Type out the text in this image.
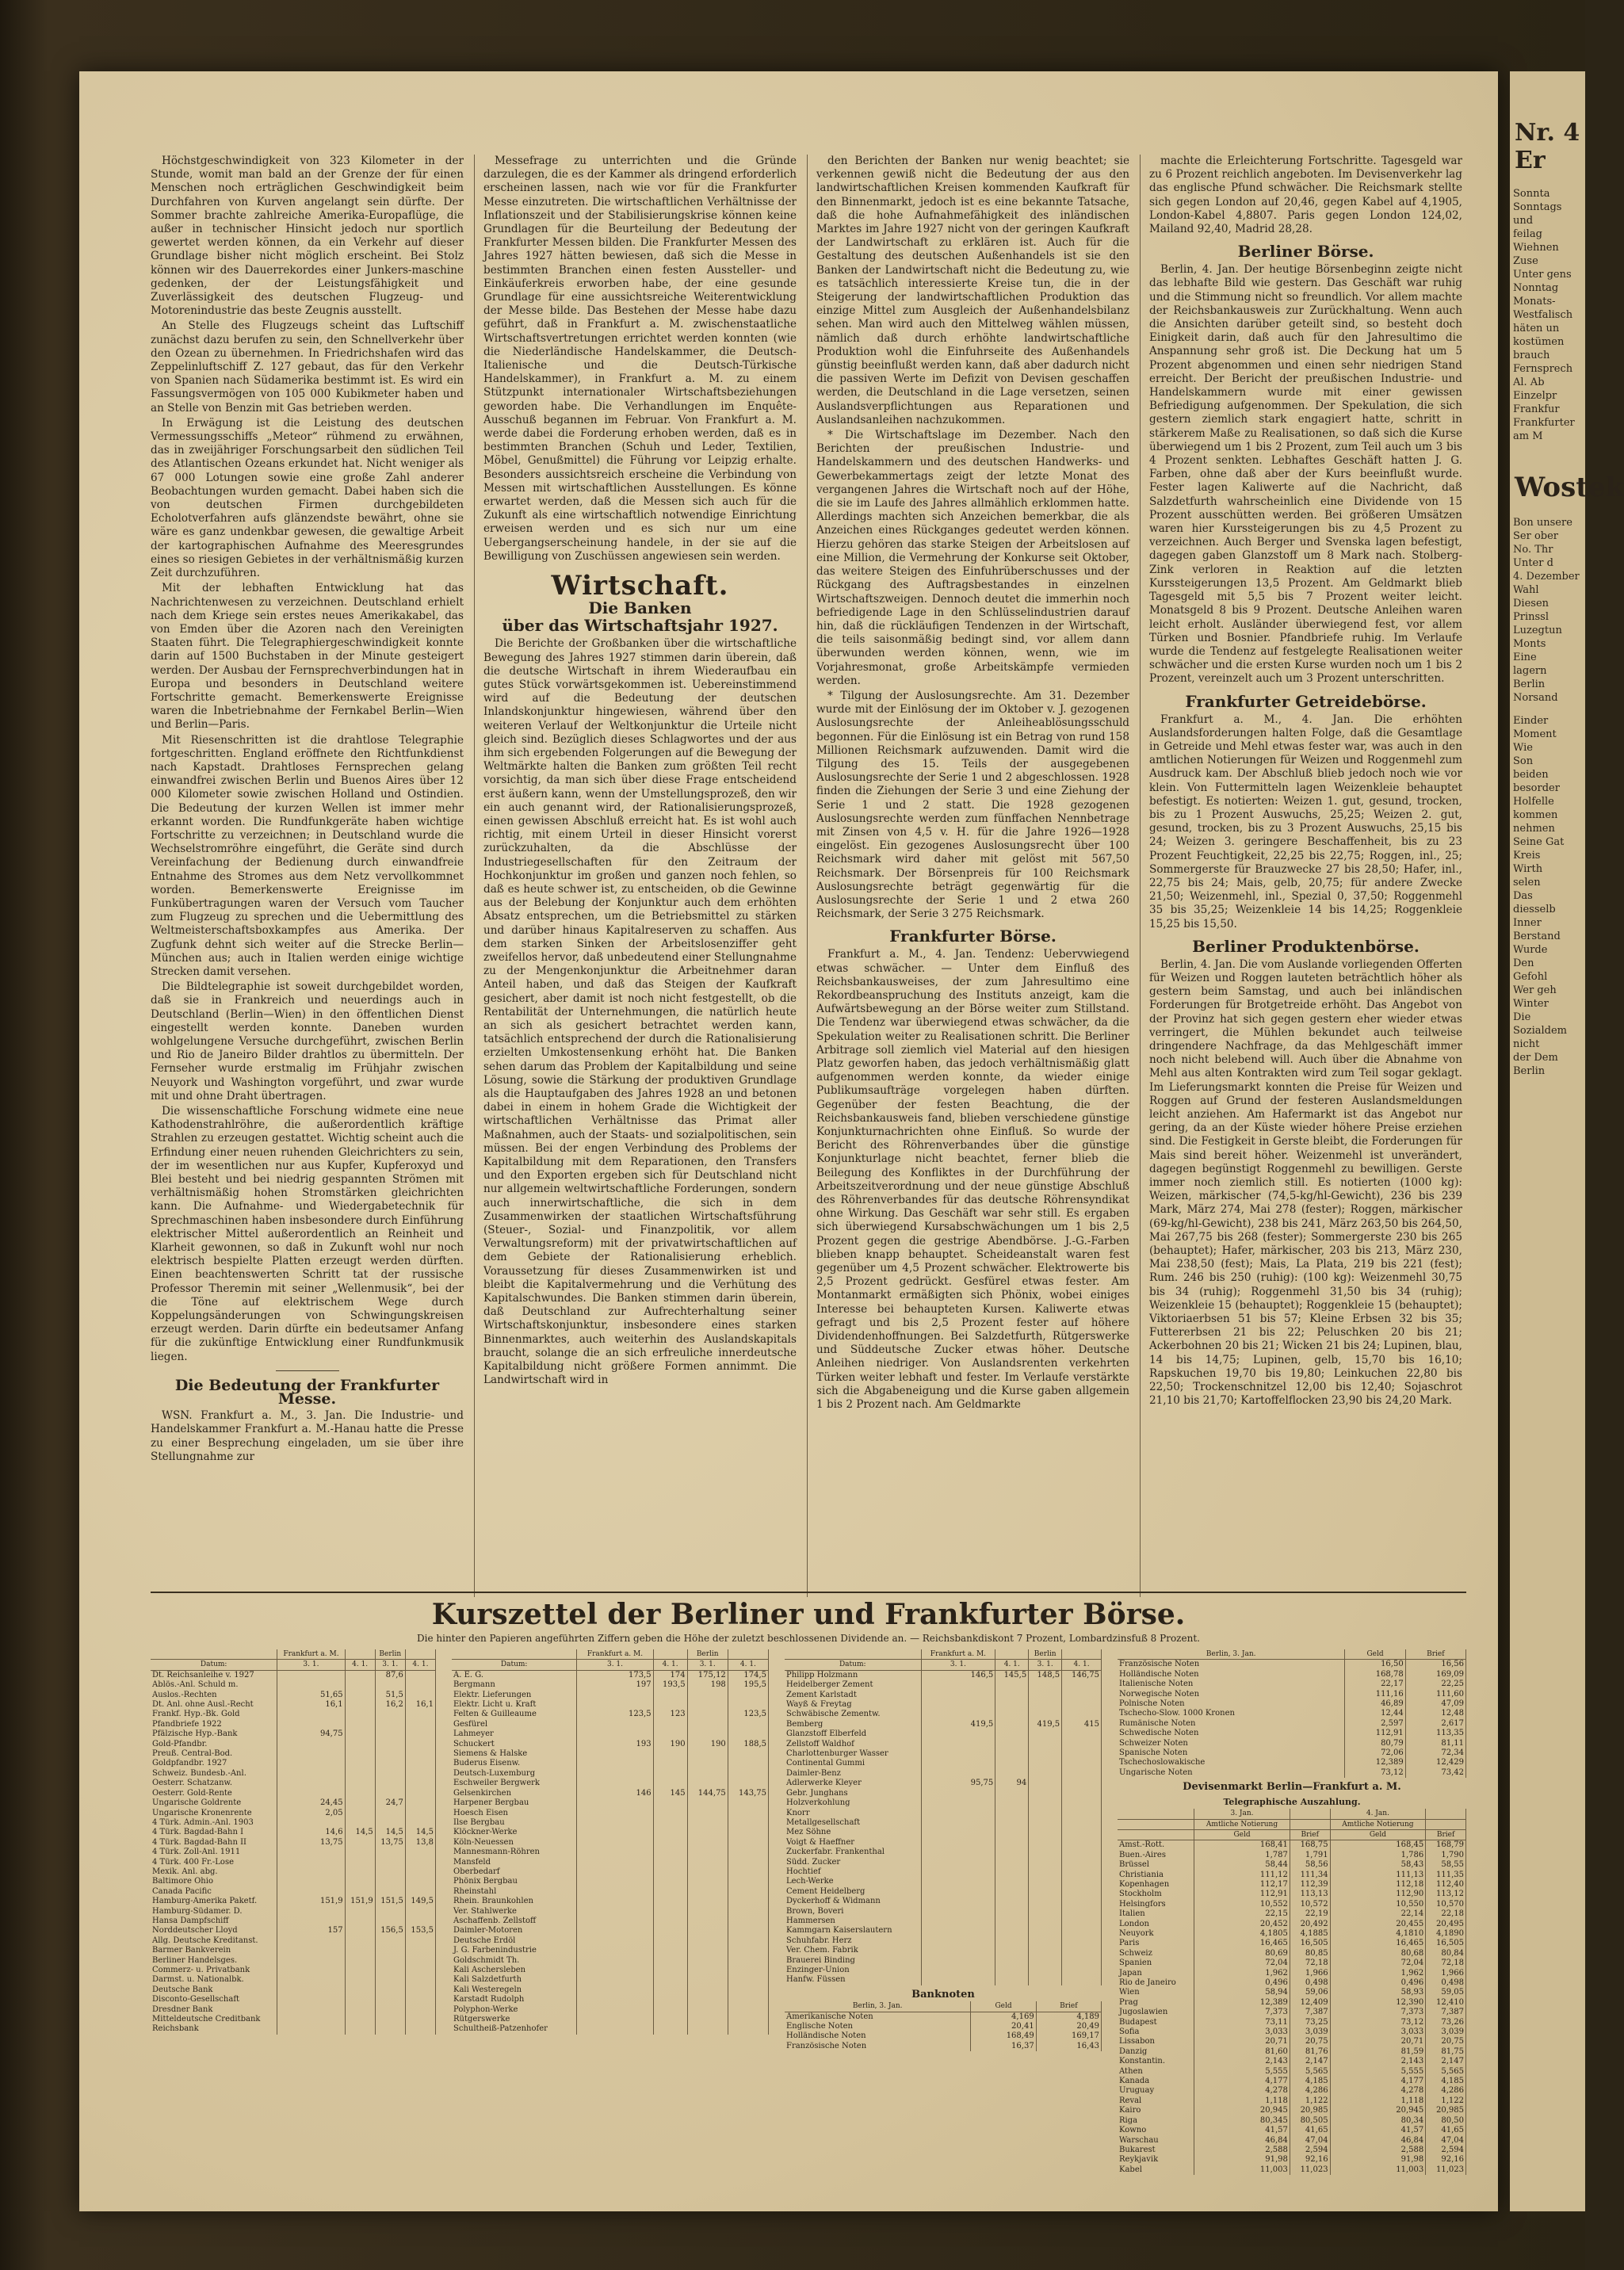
Höchstgeschwindigkeit von 323 Kilometer in der Stunde, womit man bald an der Grenze der für einen Menschen noch erträglichen Geschwindigkeit beim Durchfahren von Kurven angelangt sein dürfte. Der Sommer brachte zahlreiche Amerika-Europaflüge, die außer in technischer Hinsicht jedoch nur sportlich gewertet werden können, da ein Verkehr auf dieser Grundlage bisher nicht möglich erscheint. Bei Stolz können wir des Dauerrekordes einer Junkers-maschine gedenken, der der Leistungsfähigkeit und Zuverlässigkeit des deutschen Flugzeug- und Motorenindustrie das beste Zeugnis ausstellt.

An Stelle des Flugzeugs scheint das Luftschiff zunächst dazu berufen zu sein, den Schnellverkehr über den Ozean zu übernehmen. In Friedrichshafen wird das Zeppelinluftschiff Z. 127 gebaut, das für den Verkehr von Spanien nach Südamerika bestimmt ist. Es wird ein Fassungsvermögen von 105 000 Kubikmeter haben und an Stelle von Benzin mit Gas betrieben werden.

In Erwägung ist die Leistung des deutschen Vermessungsschiffs „Meteor“ rühmend zu erwähnen, das in zweijähriger Forschungsarbeit den südlichen Teil des Atlantischen Ozeans erkundet hat. Nicht weniger als 67 000 Lotungen sowie eine große Zahl anderer Beobachtungen wurden gemacht. Dabei haben sich die von deutschen Firmen durchgebildeten Echolotverfahren aufs glänzendste bewährt, ohne sie wäre es ganz undenkbar gewesen, die gewaltige Arbeit der kartographischen Aufnahme des Meeresgrundes eines so riesigen Gebietes in der verhältnismäßig kurzen Zeit durchzuführen.

Mit der lebhaften Entwicklung hat das Nachrichtenwesen zu verzeichnen. Deutschland erhielt nach dem Kriege sein erstes neues Amerikakabel, das von Emden über die Azoren nach den Vereinigten Staaten führt. Die Telegraphiergeschwindigkeit konnte darin auf 1500 Buchstaben in der Minute gesteigert werden. Der Ausbau der Fernsprechverbindungen hat in Europa und besonders in Deutschland weitere Fortschritte gemacht. Bemerkenswerte Ereignisse waren die Inbetriebnahme der Fernkabel Berlin—Wien und Berlin—Paris.

Mit Riesenschritten ist die drahtlose Telegraphie fortgeschritten. England eröffnete den Richtfunkdienst nach Kapstadt. Drahtloses Fernsprechen gelang einwandfrei zwischen Berlin und Buenos Aires über 12 000 Kilometer sowie zwischen Holland und Ostindien. Die Bedeutung der kurzen Wellen ist immer mehr erkannt worden. Die Rundfunkgeräte haben wichtige Fortschritte zu verzeichnen; in Deutschland wurde die Wechselstromröhre eingeführt, die Geräte sind durch Vereinfachung der Bedienung durch einwandfreie Entnahme des Stromes aus dem Netz vervollkommnet worden. Bemerkenswerte Ereignisse im Funkübertragungen waren der Versuch vom Taucher zum Flugzeug zu sprechen und die Uebermittlung des Weltmeisterschaftsboxkampfes aus Amerika. Der Zugfunk dehnt sich weiter auf die Strecke Berlin—München aus; auch in Italien werden einige wichtige Strecken damit versehen.

Die Bildtelegraphie ist soweit durchgebildet worden, daß sie in Frankreich und neuerdings auch in Deutschland (Berlin—Wien) in den öffentlichen Dienst eingestellt werden konnte. Daneben wurden wohlgelungene Versuche durchgeführt, zwischen Berlin und Rio de Janeiro Bilder drahtlos zu übermitteln. Der Fernseher wurde erstmalig im Frühjahr zwischen Neuyork und Washington vorgeführt, und zwar wurde mit und ohne Draht übertragen.

Die wissenschaftliche Forschung widmete eine neue Kathodenstrahlröhre, die außerordentlich kräftige Strahlen zu erzeugen gestattet. Wichtig scheint auch die Erfindung einer neuen ruhenden Gleichrichters zu sein, der im wesentlichen nur aus Kupfer, Kupferoxyd und Blei besteht und bei niedrig gespannten Strömen mit verhältnismäßig hohen Stromstärken gleichrichten kann. Die Aufnahme- und Wiedergabetechnik für Sprechmaschinen haben insbesondere durch Einführung elektrischer Mittel außerordentlich an Reinheit und Klarheit gewonnen, so daß in Zukunft wohl nur noch elektrisch bespielte Platten erzeugt werden dürften. Einen beachtenswerten Schritt tat der russische Professor Theremin mit seiner „Wellenmusik“, bei der die Töne auf elektrischem Wege durch Koppelungsänderungen von Schwingungskreisen erzeugt werden. Darin dürfte ein bedeutsamer Anfang für die zukünftige Entwicklung einer Rundfunkmusik liegen.

Die Bedeutung der Frankfurter Messe.

WSN. Frankfurt a. M., 3. Jan. Die Industrie- und Handelskammer Frankfurt a. M.-Hanau hatte die Presse zu einer Besprechung eingeladen, um sie über ihre Stellungnahme zur

Messefrage zu unterrichten und die Gründe darzulegen, die es der Kammer als dringend erforderlich erscheinen lassen, nach wie vor für die Frankfurter Messe einzutreten. Die wirtschaftlichen Verhältnisse der Inflationszeit und der Stabilisierungskrise können keine Grundlagen für die Beurteilung der Bedeutung der Frankfurter Messen bilden. Die Frankfurter Messen des Jahres 1927 hätten bewiesen, daß sich die Messe in bestimmten Branchen einen festen Aussteller- und Einkäuferkreis erworben habe, der eine gesunde Grundlage für eine aussichtsreiche Weiterentwicklung der Messe bilde. Das Bestehen der Messe habe dazu geführt, daß in Frankfurt a. M. zwischenstaatliche Wirtschaftsvertretungen errichtet werden konnten (wie die Niederländische Handelskammer, die Deutsch-Italienische und die Deutsch-Türkische Handelskammer), in Frankfurt a. M. zu einem Stützpunkt internationaler Wirtschaftsbeziehungen geworden habe. Die Verhandlungen im Enquête-Ausschuß begannen im Februar. Von Frankfurt a. M. werde dabei die Forderung erhoben werden, daß es in bestimmten Branchen (Schuh und Leder, Textilien, Möbel, Genußmittel) die Führung vor Leipzig erhalte. Besonders aussichtsreich erscheine die Verbindung von Messen mit wirtschaftlichen Ausstellungen. Es könne erwartet werden, daß die Messen sich auch für die Zukunft als eine wirtschaftlich notwendige Einrichtung erweisen werden und es sich nur um eine Uebergangserscheinung handele, in der sie auf die Bewilligung von Zuschüssen angewiesen sein werden.

Wirtschaft.
Die Banken
über das Wirtschaftsjahr 1927.

Die Berichte der Großbanken über die wirtschaftliche Bewegung des Jahres 1927 stimmen darin überein, daß die deutsche Wirtschaft in ihrem Wiederaufbau ein gutes Stück vorwärtsgekommen ist. Uebereinstimmend wird auf die Bedeutung der deutschen Inlandskonjunktur hingewiesen, während über den weiteren Verlauf der Weltkonjunktur die Urteile nicht gleich sind. Bezüglich dieses Schlagwortes und der aus ihm sich ergebenden Folgerungen auf die Bewegung der Weltmärkte halten die Banken zum größten Teil recht vorsichtig, da man sich über diese Frage entscheidend erst äußern kann, wenn der Umstellungsprozeß, den wir ein auch genannt wird, der Rationalisierungsprozeß, einen gewissen Abschluß erreicht hat. Es ist wohl auch richtig, mit einem Urteil in dieser Hinsicht vorerst zurückzuhalten, da die Abschlüsse der Industriegesellschaften für den Zeitraum der Hochkonjunktur im großen und ganzen noch fehlen, so daß es heute schwer ist, zu entscheiden, ob die Gewinne aus der Belebung der Konjunktur auch dem erhöhten Absatz entsprechen, um die Betriebsmittel zu stärken und darüber hinaus Kapitalreserven zu schaffen. Aus dem starken Sinken der Arbeitslosenziffer geht zweifellos hervor, daß unbedeutend einer Stellungnahme zu der Mengenkonjunktur die Arbeitnehmer daran Anteil haben, und daß das Steigen der Kaufkraft gesichert, aber damit ist noch nicht festgestellt, ob die Rentabilität der Unternehmungen, die natürlich heute an sich als gesichert betrachtet werden kann, tatsächlich entsprechend der durch die Rationalisierung erzielten Umkostensenkung erhöht hat. Die Banken sehen darum das Problem der Kapitalbildung und seine Lösung, sowie die Stärkung der produktiven Grundlage als die Hauptaufgaben des Jahres 1928 an und betonen dabei in einem in hohem Grade die Wichtigkeit der wirtschaftlichen Verhältnisse das Primat aller Maßnahmen, auch der Staats- und sozialpolitischen, sein müssen. Bei der engen Verbindung des Problems der Kapitalbildung mit dem Reparationen, den Transfers und den Exporten ergeben sich für Deutschland nicht nur allgemein weltwirtschaftliche Forderungen, sondern auch innerwirtschaftliche, die sich in dem Zusammenwirken der staatlichen Wirtschaftsführung (Steuer-, Sozial- und Finanzpolitik, vor allem Verwaltungsreform) mit der privatwirtschaftlichen auf dem Gebiete der Rationalisierung erheblich. Voraussetzung für dieses Zusammenwirken ist und bleibt die Kapitalvermehrung und die Verhütung des Kapitalschwundes. Die Banken stimmen darin überein, daß Deutschland zur Aufrechterhaltung seiner Wirtschaftskonjunktur, insbesondere eines starken Binnenmarktes, auch weiterhin des Auslandskapitals braucht, solange die an sich erfreuliche innerdeutsche Kapitalbildung nicht größere Formen annimmt. Die Landwirtschaft wird in

den Berichten der Banken nur wenig beachtet; sie verkennen gewiß nicht die Bedeutung der aus den landwirtschaftlichen Kreisen kommenden Kaufkraft für den Binnenmarkt, jedoch ist es eine bekannte Tatsache, daß die hohe Aufnahmefähigkeit des inländischen Marktes im Jahre 1927 nicht von der geringen Kaufkraft der Landwirtschaft zu erklären ist. Auch für die Gestaltung des deutschen Außenhandels ist sie den Banken der Landwirtschaft nicht die Bedeutung zu, wie es tatsächlich interessierte Kreise tun, die in der Steigerung der landwirtschaftlichen Produktion das einzige Mittel zum Ausgleich der Außenhandelsbilanz sehen. Man wird auch den Mittelweg wählen müssen, nämlich daß durch erhöhte landwirtschaftliche Produktion wohl die Einfuhrseite des Außenhandels günstig beeinflußt werden kann, daß aber dadurch nicht die passiven Werte im Defizit von Devisen geschaffen werden, die Deutschland in die Lage versetzen, seinen Auslandsverpflichtungen aus Reparationen und Auslandsanleihen nachzukommen.

* Die Wirtschaftslage im Dezember. Nach den Berichten der preußischen Industrie- und Handelskammern und des deutschen Handwerks- und Gewerbekammertags zeigt der letzte Monat des vergangenen Jahres die Wirtschaft noch auf der Höhe, die sie im Laufe des Jahres allmählich erklommen hatte. Allerdings machten sich Anzeichen bemerkbar, die als Anzeichen eines Rückganges gedeutet werden können. Hierzu gehören das starke Steigen der Arbeitslosen auf eine Million, die Vermehrung der Konkurse seit Oktober, das weitere Steigen des Einfuhrüberschusses und der Rückgang des Auftragsbestandes in einzelnen Wirtschaftszweigen. Dennoch deutet die immerhin noch befriedigende Lage in den Schlüsselindustrien darauf hin, daß die rückläufigen Tendenzen in der Wirtschaft, die teils saisonmäßig bedingt sind, vor allem dann überwunden werden können, wenn, wie im Vorjahresmonat, große Arbeitskämpfe vermieden werden.

* Tilgung der Auslosungsrechte. Am 31. Dezember wurde mit der Einlösung der im Oktober v. J. gezogenen Auslosungsrechte der Anleiheablösungsschuld begonnen. Für die Einlösung ist ein Betrag von rund 158 Millionen Reichsmark aufzuwenden. Damit wird die Tilgung des 15. Teils der ausgegebenen Auslosungsrechte der Serie 1 und 2 abgeschlossen. 1928 finden die Ziehungen der Serie 3 und eine Ziehung der Serie 1 und 2 statt. Die 1928 gezogenen Auslosungsrechte werden zum fünffachen Nennbetrage mit Zinsen von 4,5 v. H. für die Jahre 1926—1928 eingelöst. Ein gezogenes Auslosungsrecht über 100 Reichsmark wird daher mit gelöst mit 567,50 Reichsmark. Der Börsenpreis für 100 Reichsmark Auslosungsrechte beträgt gegenwärtig für die Auslosungsrechte der Serie 1 und 2 etwa 260 Reichsmark, der Serie 3 275 Reichsmark.

Frankfurter Börse.

Frankfurt a. M., 4. Jan. Tendenz: Uebervwiegend etwas schwächer. — Unter dem Einfluß des Reichsbankausweises, der zum Jahresultimo eine Rekordbeanspruchung des Instituts anzeigt, kam die Aufwärtsbewegung an der Börse weiter zum Stillstand. Die Tendenz war überwiegend etwas schwächer, da die Spekulation weiter zu Realisationen schritt. Die Berliner Arbitrage soll ziemlich viel Material auf den hiesigen Platz geworfen haben, das jedoch verhältnismäßig glatt aufgenommen werden konnte, da wieder einige Publikumsaufträge vorgelegen haben dürften. Gegenüber der festen Beachtung, die der Reichsbankausweis fand, blieben verschiedene günstige Konjunkturnachrichten ohne Einfluß. So wurde der Bericht des Röhrenverbandes über die günstige Konjunkturlage nicht beachtet, ferner blieb die Beilegung des Konfliktes in der Durchführung der Arbeitszeitverordnung und der neue günstige Abschluß des Röhrenverbandes für das deutsche Röhrensyndikat ohne Wirkung. Das Geschäft war sehr still. Es ergaben sich überwiegend Kursabschwächungen um 1 bis 2,5 Prozent gegen die gestrige Abendbörse. J.-G.-Farben blieben knapp behauptet. Scheideanstalt waren fest gegenüber um 4,5 Prozent schwächer. Elektrowerte bis 2,5 Prozent gedrückt. Gesfürel etwas fester. Am Montanmarkt ermäßigten sich Phönix, wobei einiges Interesse bei behaupteten Kursen. Kaliwerte etwas gefragt und bis 2,5 Prozent fester auf höhere Dividendenhoffnungen. Bei Salzdetfurth, Rütgerswerke und Süddeutsche Zucker etwas höher. Deutsche Anleihen niedriger. Von Auslandsrenten verkehrten Türken weiter lebhaft und fester. Im Verlaufe verstärkte sich die Abgabeneigung und die Kurse gaben allgemein 1 bis 2 Prozent nach. Am Geldmarkte

machte die Erleichterung Fortschritte. Tagesgeld war zu 6 Prozent reichlich angeboten. Im Devisenverkehr lag das englische Pfund schwächer. Die Reichsmark stellte sich gegen London auf 20,46, gegen Kabel auf 4,1905, London-Kabel 4,8807. Paris gegen London 124,02, Mailand 92,40, Madrid 28,28.

Berliner Börse.

Berlin, 4. Jan. Der heutige Börsenbeginn zeigte nicht das lebhafte Bild wie gestern. Das Geschäft war ruhig und die Stimmung nicht so freundlich. Vor allem machte der Reichsbankausweis zur Zurückhaltung. Wenn auch die Ansichten darüber geteilt sind, so besteht doch Einigkeit darin, daß auch für den Jahresultimo die Anspannung sehr groß ist. Die Deckung hat um 5 Prozent abgenommen und einen sehr niedrigen Stand erreicht. Der Bericht der preußischen Industrie- und Handelskammern wurde mit einer gewissen Befriedigung aufgenommen. Der Spekulation, die sich gestern ziemlich stark engagiert hatte, schritt in stärkerem Maße zu Realisationen, so daß sich die Kurse überwiegend um 1 bis 2 Prozent, zum Teil auch um 3 bis 4 Prozent senkten. Lebhaftes Geschäft hatten J. G. Farben, ohne daß aber der Kurs beeinflußt wurde. Fester lagen Kaliwerte auf die Nachricht, daß Salzdetfurth wahrscheinlich eine Dividende von 15 Prozent ausschütten werden. Bei größeren Umsätzen waren hier Kurssteigerungen bis zu 4,5 Prozent zu verzeichnen. Auch Berger und Svenska lagen befestigt, dagegen gaben Glanzstoff um 8 Mark nach. Stolberg-Zink verloren in Reaktion auf die letzten Kurssteigerungen 13,5 Prozent. Am Geldmarkt blieb Tagesgeld mit 5,5 bis 7 Prozent weiter leicht. Monatsgeld 8 bis 9 Prozent. Deutsche Anleihen waren leicht erholt. Ausländer überwiegend fest, vor allem Türken und Bosnier. Pfandbriefe ruhig. Im Verlaufe wurde die Tendenz auf festgelegte Realisationen weiter schwächer und die ersten Kurse wurden noch um 1 bis 2 Prozent, vereinzelt auch um 3 Prozent unterschritten.

Frankfurter Getreidebörse.

Frankfurt a. M., 4. Jan. Die erhöhten Auslandsforderungen halten Folge, daß die Gesamtlage in Getreide und Mehl etwas fester war, was auch in den amtlichen Notierungen für Weizen und Roggenmehl zum Ausdruck kam. Der Abschluß blieb jedoch noch wie vor klein. Von Futtermitteln lagen Weizenkleie behauptet befestigt. Es notierten: Weizen 1. gut, gesund, trocken, bis zu 1 Prozent Auswuchs, 25,25; Weizen 2. gut, gesund, trocken, bis zu 3 Prozent Auswuchs, 25,15 bis 24; Weizen 3. geringere Beschaffenheit, bis zu 23 Prozent Feuchtigkeit, 22,25 bis 22,75; Roggen, inl., 25; Sommergerste für Brauzwecke 27 bis 28,50; Hafer, inl., 22,75 bis 24; Mais, gelb, 20,75; für andere Zwecke 21,50; Weizenmehl, inl., Spezial 0, 37,50; Roggenmehl 35 bis 35,25; Weizenkleie 14 bis 14,25; Roggenkleie 15,25 bis 15,50.

Berliner Produktenbörse.

Berlin, 4. Jan. Die vom Auslande vorliegenden Offerten für Weizen und Roggen lauteten beträchtlich höher als gestern beim Samstag, und auch bei inländischen Forderungen für Brotgetreide erhöht. Das Angebot von der Provinz hat sich gegen gestern eher wieder etwas verringert, die Mühlen bekundet auch teilweise dringendere Nachfrage, da das Mehlgeschäft immer noch nicht belebend will. Auch über die Abnahme von Mehl aus alten Kontrakten wird zum Teil sogar geklagt. Im Lieferungsmarkt konnten die Preise für Weizen und Roggen auf Grund der festeren Auslandsmeldungen leicht anziehen. Am Hafermarkt ist das Angebot nur gering, da an der Küste wieder höhere Preise erziehen sind. Die Festigkeit in Gerste bleibt, die Forderungen für Mais sind bereit höher. Weizenmehl ist unverändert, dagegen begünstigt Roggenmehl zu bewilligen. Gerste immer noch ziemlich still. Es notierten (1000 kg): Weizen, märkischer (74,5-kg/hl-Gewicht), 236 bis 239 Mark, März 274, Mai 278 (fester); Roggen, märkischer (69-kg/hl-Gewicht), 238 bis 241, März 263,50 bis 264,50, Mai 267,75 bis 268 (fester); Sommergerste 230 bis 265 (behauptet); Hafer, märkischer, 203 bis 213, März 230, Mai 238,50 (fest); Mais, La Plata, 219 bis 221 (fest); Rum. 246 bis 250 (ruhig): (100 kg): Weizenmehl 30,75 bis 34 (ruhig); Roggenmehl 31,50 bis 34 (ruhig); Weizenkleie 15 (behauptet); Roggenkleie 15 (behauptet); Viktoriaerbsen 51 bis 57; Kleine Erbsen 32 bis 35; Futtererbsen 21 bis 22; Peluschken 20 bis 21; Ackerbohnen 20 bis 21; Wicken 21 bis 24; Lupinen, blau, 14 bis 14,75; Lupinen, gelb, 15,70 bis 16,10; Rapskuchen 19,70 bis 19,80; Leinkuchen 22,80 bis 22,50; Trockenschnitzel 12,00 bis 12,40; Sojaschrot 21,10 bis 21,70; Kartoffelflocken 23,90 bis 24,20 Mark.

Kurszettel der Berliner und Frankfurter Börse.
Die hinter den Papieren angeführten Ziffern geben die Höhe der zuletzt beschlossenen Dividende an. — Reichsbankdiskont 7 Prozent, Lombardzinsfuß 8 Prozent.
	Frankfurt a. M.		Berlin	
Datum:	3. 1.	4. 1.	3. 1.	4. 1.
Dt. Reichsanleihe v. 1927			87,6	
Ablös.-Anl. Schuld m.				
Auslos.-Rechten	51,65		51,5	
Dt. Anl. ohne Ausl.-Recht	16,1		16,2	16,1
Frankf. Hyp.-Bk. Gold				
Pfandbriefe 1922				
Pfälzische Hyp.-Bank	94,75			
Gold-Pfandbr.				
Preuß. Central-Bod.				
Goldpfandbr. 1927				
Schweiz. Bundesb.-Anl.				
Oesterr. Schatzanw.				
Oesterr. Gold-Rente				
Ungarische Goldrente	24,45		24,7	
Ungarische Kronenrente	2,05			
4 Türk. Admin.-Anl. 1903				
4 Türk. Bagdad-Bahn I	14,6	14,5	14,5	14,5
4 Türk. Bagdad-Bahn II	13,75		13,75	13,8
4 Türk. Zoll-Anl. 1911				
4 Türk. 400 Fr.-Lose				
Mexik. Anl. abg.				
Baltimore Ohio				
Canada Pacific				
Hamburg-Amerika Paketf.	151,9	151,9	151,5	149,5
Hamburg-Südamer. D.				
Hansa Dampfschiff				
Norddeutscher Lloyd	157		156,5	153,5
Allg. Deutsche Kreditanst.				
Barmer Bankverein				
Berliner Handelsges.				
Commerz- u. Privatbank				
Darmst. u. Nationalbk.				
Deutsche Bank				
Disconto-Gesellschaft				
Dresdner Bank				
Mitteldeutsche Creditbank				
Reichsbank				
	Frankfurt a. M.		Berlin	
Datum:	3. 1.	4. 1.	3. 1.	4. 1.
A. E. G.	173,5	174	175,12	174,5
Bergmann	197	193,5	198	195,5
Elektr. Lieferungen				
Elektr. Licht u. Kraft				
Felten & Guilleaume	123,5	123		123,5
Gesfürel				
Lahmeyer				
Schuckert	193	190	190	188,5
Siemens & Halske				
Buderus Eisenw.				
Deutsch-Luxemburg				
Eschweiler Bergwerk				
Gelsenkirchen	146	145	144,75	143,75
Harpener Bergbau				
Hoesch Eisen				
Ilse Bergbau				
Klöckner-Werke				
Köln-Neuessen				
Mannesmann-Röhren				
Mansfeld				
Oberbedarf				
Phönix Bergbau				
Rheinstahl				
Rhein. Braunkohlen				
Ver. Stahlwerke				
Aschaffenb. Zellstoff				
Daimler-Motoren				
Deutsche Erdöl				
J. G. Farbenindustrie				
Goldschmidt Th.				
Kali Aschersleben				
Kali Salzdetfurth				
Kali Westeregeln				
Karstadt Rudolph				
Polyphon-Werke				
Rütgerswerke				
Schultheiß-Patzenhofer				
	Frankfurt a. M.		Berlin	
Datum:	3. 1.	4. 1.	3. 1.	4. 1.
Philipp Holzmann	146,5	145,5	148,5	146,75
Heidelberger Zement				
Zement Karlstadt				
Wayß & Freytag				
Schwäbische Zementw.				
Bemberg	419,5		419,5	415
Glanzstoff Elberfeld				
Zellstoff Waldhof				
Charlottenburger Wasser				
Continental Gummi				
Daimler-Benz				
Adlerwerke Kleyer	95,75	94		
Gebr. Junghans				
Holzverkohlung				
Knorr				
Metallgesellschaft				
Mez Söhne				
Voigt & Haeffner				
Zuckerfabr. Frankenthal				
Südd. Zucker				
Hochtief				
Lech-Werke				
Cement Heidelberg				
Dyckerhoff & Widmann				
Brown, Boveri				
Hammersen				
Kammgarn Kaiserslautern				
Schuhfabr. Herz				
Ver. Chem. Fabrik				
Brauerei Binding				
Enzinger-Union				
Hanfw. Füssen				
Banknoten
Berlin, 3. Jan.	Geld	Brief
Amerikanische Noten	4,169	4,189
Englische Noten	20,41	20,49
Holländische Noten	168,49	169,17
Französische Noten	16,37	16,43
Berlin, 3. Jan.	Geld	Brief
Französische Noten	16,50	16,56
Holländische Noten	168,78	169,09
Italienische Noten	22,17	22,25
Norwegische Noten	111,16	111,60
Polnische Noten	46,89	47,09
Tschecho-Slow. 1000 Kronen	12,44	12,48
Rumänische Noten	2,597	2,617
Schwedische Noten	112,91	113,35
Schweizer Noten	80,79	81,11
Spanische Noten	72,06	72,34
Tschechoslowakische	12,389	12,429
Ungarische Noten	73,12	73,42
Devisenmarkt Berlin—Frankfurt a. M.
Telegraphische Auszahlung.
	3. Jan.		4. Jan.	
	Amtliche Notierung		Amtliche Notierung	
	Geld	Brief	Geld	Brief
Amst.-Rott.	168,41	168,75	168,45	168,79
Buen.-Aires	1,787	1,791	1,786	1,790
Brüssel	58,44	58,56	58,43	58,55
Christiania	111,12	111,34	111,13	111,35
Kopenhagen	112,17	112,39	112,18	112,40
Stockholm	112,91	113,13	112,90	113,12
Helsingfors	10,552	10,572	10,550	10,570
Italien	22,15	22,19	22,14	22,18
London	20,452	20,492	20,455	20,495
Neuyork	4,1805	4,1885	4,1810	4,1890
Paris	16,465	16,505	16,465	16,505
Schweiz	80,69	80,85	80,68	80,84
Spanien	72,04	72,18	72,04	72,18
Japan	1,962	1,966	1,962	1,966
Rio de Janeiro	0,496	0,498	0,496	0,498
Wien	58,94	59,06	58,93	59,05
Prag	12,389	12,409	12,390	12,410
Jugoslawien	7,373	7,387	7,373	7,387
Budapest	73,11	73,25	73,12	73,26
Sofia	3,033	3,039	3,033	3,039
Lissabon	20,71	20,75	20,71	20,75
Danzig	81,60	81,76	81,59	81,75
Konstantin.	2,143	2,147	2,143	2,147
Athen	5,555	5,565	5,555	5,565
Kanada	4,177	4,185	4,177	4,185
Uruguay	4,278	4,286	4,278	4,286
Reval	1,118	1,122	1,118	1,122
Kairo	20,945	20,985	20,945	20,985
Riga	80,345	80,505	80,34	80,50
Kowno	41,57	41,65	41,57	41,65
Warschau	46,84	47,04	46,84	47,04
Bukarest	2,588	2,594	2,588	2,594
Reykjavik	91,98	92,16	91,98	92,16
Kabel	11,003	11,023	11,003	11,023
Nr. 4 Er
Sonnta
Sonntags und
feilag
Wiehnen Zuse
Unter gens
Nonntag
Monats-
Westfalisch
häten un
kostümen
brauch
Fernsprech
Al. Ab
Einzelpr
Frankfur
Frankfurter am M
Wostek
Bon unsere
Ser ober
No. Thr
Unter d
4. Dezember
Wahl
Diesen
Prinssl
Luzegtun
Monts
Eine
lagern
Berlin
Norsand
Einder
Moment
Wie
Son
beiden
besorder
Holfelle
kommen
nehmen
Seine Gat
Kreis
Wirth
selen
Das
diesselb
Inner
Berstand
Wurde
Den
Gefohl
Wer geh
Winter
Die
Sozialdem
nicht
der Dem
Berlin
